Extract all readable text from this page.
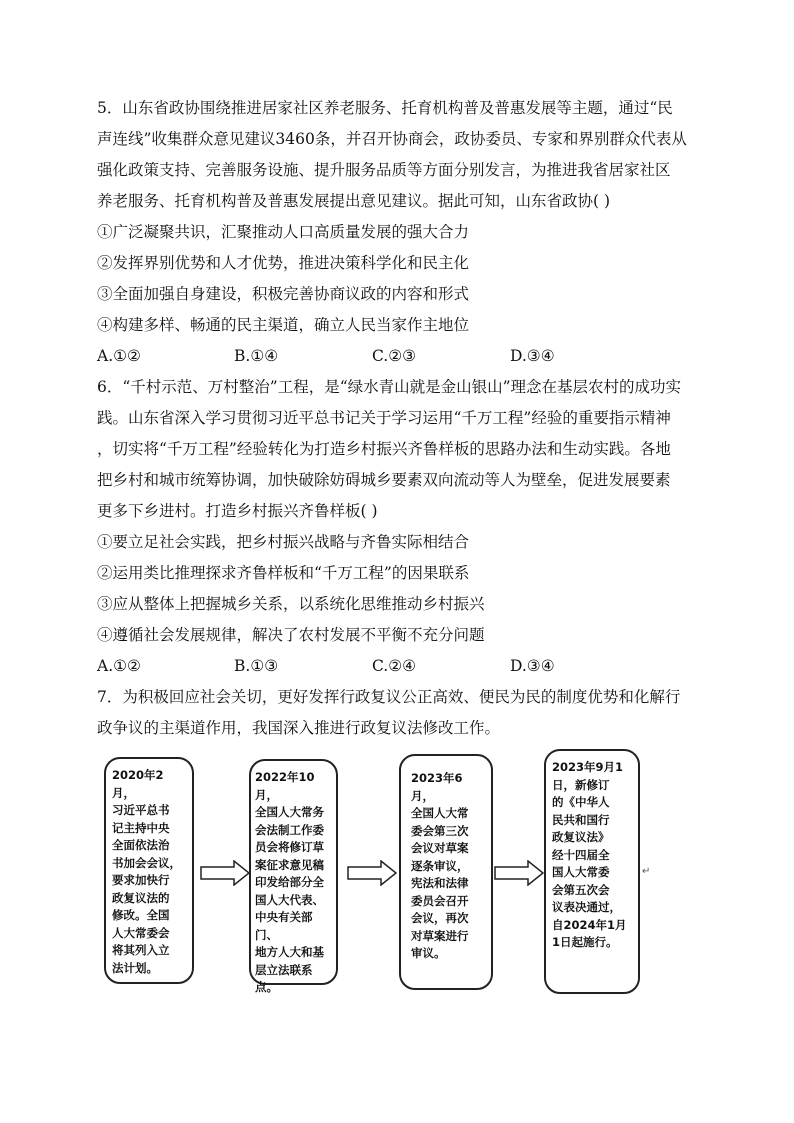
5．山东省政协围绕推进居家社区养老服务、托育机构普及普惠发展等主题，通过“民
声连线”收集群众意见建议3460条，并召开协商会，政协委员、专家和界别群众代表从
强化政策支持、完善服务设施、提升服务品质等方面分别发言，为推进我省居家社区
养老服务、托育机构普及普惠发展提出意见建议。据此可知，山东省政协( )
①广泛凝聚共识，汇聚推动人口高质量发展的强大合力
②发挥界别优势和人才优势，推进决策科学化和民主化
③全面加强自身建设，积极完善协商议政的内容和形式
④构建多样、畅通的民主渠道，确立人民当家作主地位
A.①②	B.①④	C.②③	D.③④
6．“千村示范、万村整治”工程，是“绿水青山就是金山银山”理念在基层农村的成功实
践。山东省深入学习贯彻习近平总书记关于学习运用“千万工程”经验的重要指示精神
，切实将“千万工程”经验转化为打造乡村振兴齐鲁样板的思路办法和生动实践。各地
把乡村和城市统筹协调，加快破除妨碍城乡要素双向流动等人为壁垒，促进发展要素
更多下乡进村。打造乡村振兴齐鲁样板( )
①要立足社会实践，把乡村振兴战略与齐鲁实际相结合
②运用类比推理探求齐鲁样板和“千万工程”的因果联系
③应从整体上把握城乡关系，以系统化思维推动乡村振兴
④遵循社会发展规律，解决了农村发展不平衡不充分问题
A.①②	B.①③	C.②④	D.③④
7．为积极回应社会关切，更好发挥行政复议公正高效、便民为民的制度优势和化解行
政争议的主渠道作用，我国深入推进行政复议法修改工作。
2020年2月，
习近平总书
记主持中央
全面依法治
书加会会议，
要求加快行
政复议法的
修改。全国
人大常委会
将其列入立
法计划。
2022年10月，
全国人大常务
会法制工作委
员会将修订草
案征求意见稿
印发给部分全
国人大代表、
中央有关部门、
地方人大和基
层立法联系点。
2023年6月，
全国人大常
委会第三次
会议对草案
逐条审议，
宪法和法律
委员会召开
会议，再次
对草案进行
审议。
2023年9月1
日，新修订
的《中华人
民共和国行
政复议法》
经十四届全
国人大常委
会第五次会
议表决通过，
自2024年1月
1日起施行。
↵
